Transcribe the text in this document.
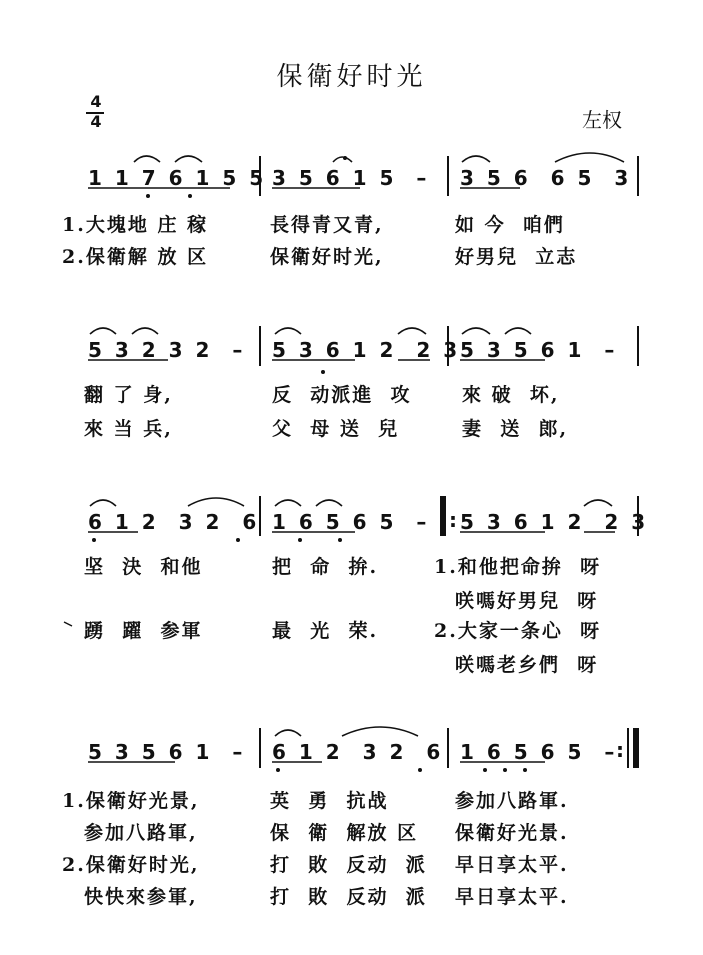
保衛好时光
左权
4
4
1 1 7 6 1 5 5 3 5 6 1 5  – 3 5 6  6 5  3
1.大塊地 庄 稼	長得青又青,	如 今  咱們
2.保衛解 放 区	保衛好时光,	好男兒  立志
5 3 2 3 2  – 5 3 6 1 2  2 3 5 3 5 6 1  –
翻 了 身,	反  动派進  攻	來 破  坏,
來 当 兵,	父  母 送  兒	妻  送  郎,
6 1 2  3 2  6 1 6 5 6 5  – : 5 3 6 1 2  2 3
坚  決  和他	把  命  拚.	1.和他把命拚  呀
咲嗎好男兒  呀
踴  躍  参軍	最  光  荣.	2.大家一条心  呀
咲嗎老乡們  呀
5 3 5 6 1  – 6 1 2  3 2  6 1 6 5 6 5  –
:
1.保衛好光景,	英  勇  抗战	参加八路軍.
参加八路軍,	保  衛  解放 区 保衛好光景.
2.保衛好时光,	打  敗  反动  派 早日享太平.
快快來参軍,	打  敗  反动  派 早日享太平.
